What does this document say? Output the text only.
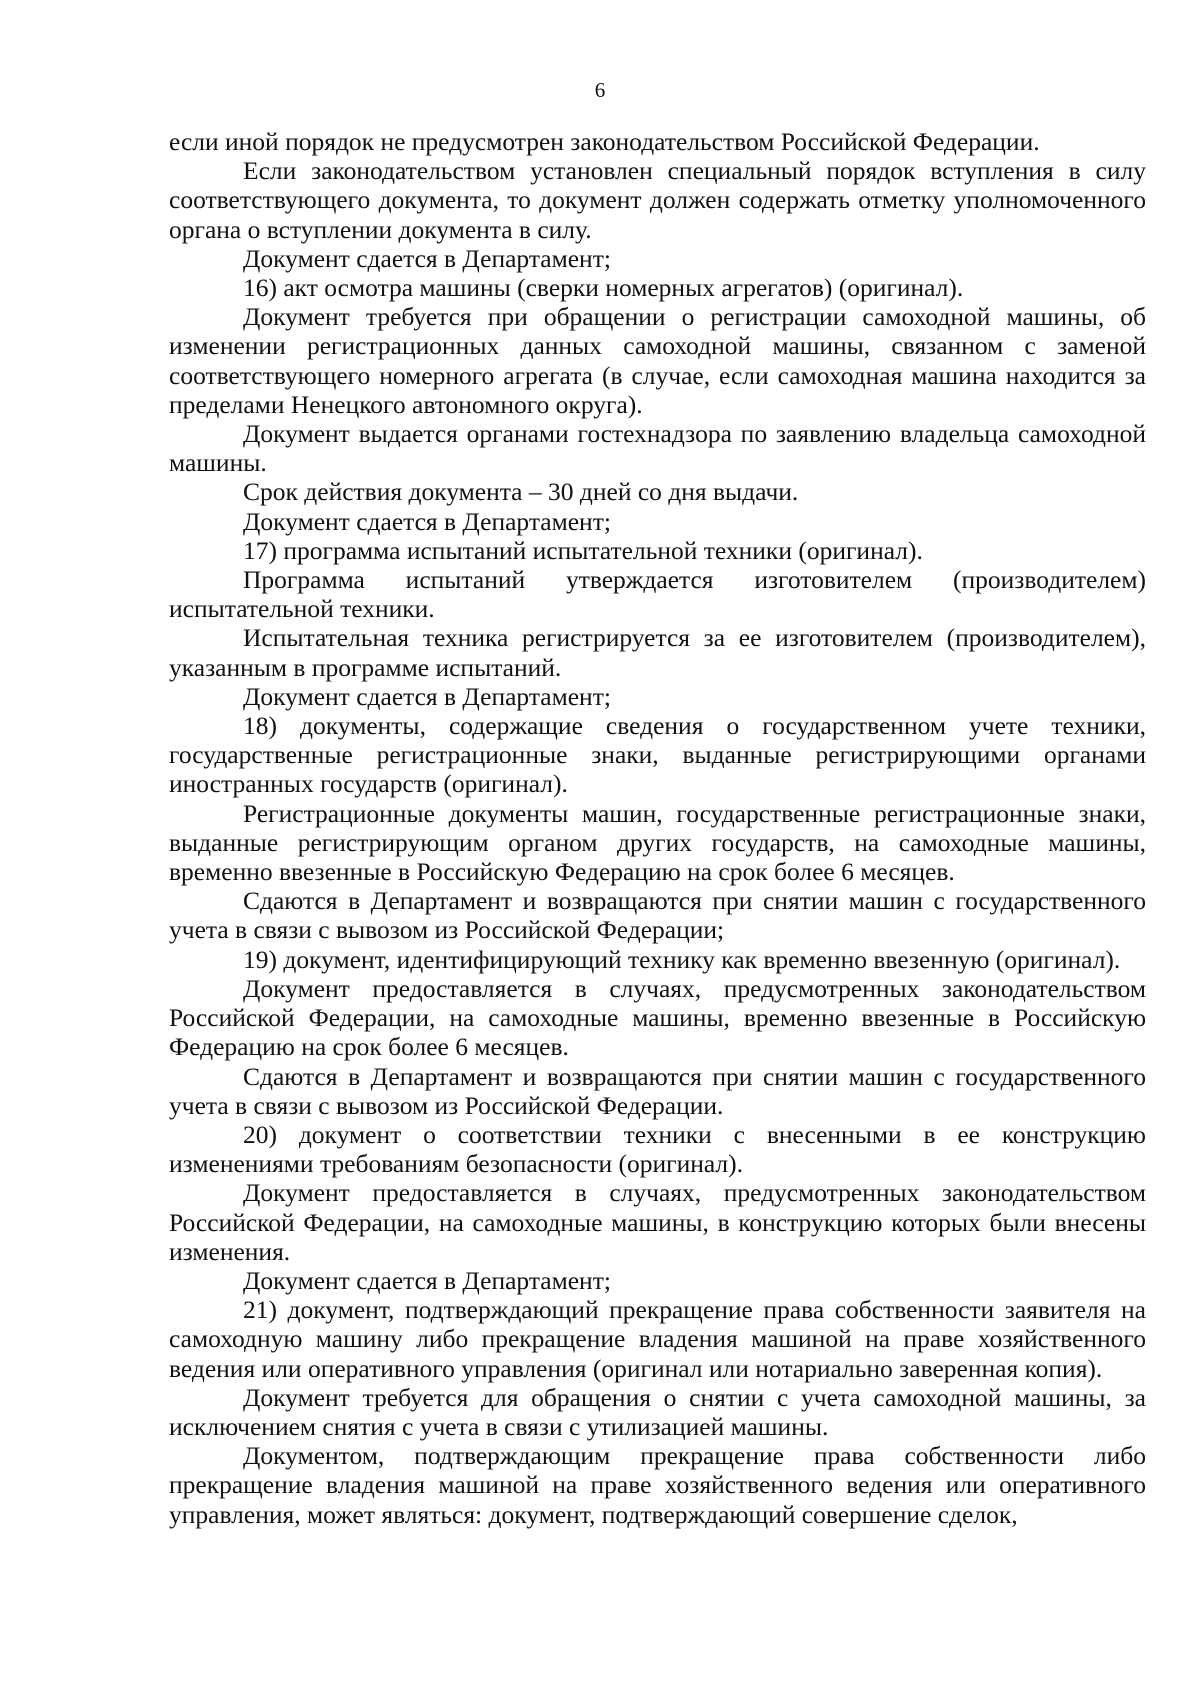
6

если иной порядок не предусмотрен законодательством Российской Федерации.

Если законодательством установлен специальный порядок вступления в силу соответствующего документа, то документ должен содержать отметку уполномоченного органа о вступлении документа в силу.

Документ сдается в Департамент;

16) акт осмотра машины (сверки номерных агрегатов) (оригинал).

Документ требуется при обращении о регистрации самоходной машины, об изменении регистрационных данных самоходной машины, связанном с заменой соответствующего номерного агрегата (в случае, если самоходная машина находится за пределами Ненецкого автономного округа).

Документ выдается органами гостехнадзора по заявлению владельца самоходной машины.

Срок действия документа – 30 дней со дня выдачи.

Документ сдается в Департамент;

17) программа испытаний испытательной техники (оригинал).

Программа испытаний утверждается изготовителем (производителем) испытательной техники.

Испытательная техника регистрируется за ее изготовителем (производителем), указанным в программе испытаний.

Документ сдается в Департамент;

18) документы, содержащие сведения о государственном учете техники, государственные регистрационные знаки, выданные регистрирующими органами иностранных государств (оригинал).

Регистрационные документы машин, государственные регистрационные знаки, выданные регистрирующим органом других государств, на самоходные машины, временно ввезенные в Российскую Федерацию на срок более 6 месяцев.

Сдаются в Департамент и возвращаются при снятии машин с государственного учета в связи с вывозом из Российской Федерации;

19) документ, идентифицирующий технику как временно ввезенную (оригинал).

Документ предоставляется в случаях, предусмотренных законодательством Российской Федерации, на самоходные машины, временно ввезенные в Российскую Федерацию на срок более 6 месяцев.

Сдаются в Департамент и возвращаются при снятии машин с государственного учета в связи с вывозом из Российской Федерации.

20) документ о соответствии техники с внесенными в ее конструкцию изменениями требованиям безопасности (оригинал).

Документ предоставляется в случаях, предусмотренных законодательством Российской Федерации, на самоходные машины, в конструкцию которых были внесены изменения.

Документ сдается в Департамент;

21) документ, подтверждающий прекращение права собственности заявителя на самоходную машину либо прекращение владения машиной на праве хозяйственного ведения или оперативного управления (оригинал или нотариально заверенная копия).

Документ требуется для обращения о снятии с учета самоходной машины, за исключением снятия с учета в связи с утилизацией машины.

Документом, подтверждающим прекращение права собственности либо прекращение владения машиной на праве хозяйственного ведения или оперативного управления, может являться: документ, подтверждающий совершение сделок,
